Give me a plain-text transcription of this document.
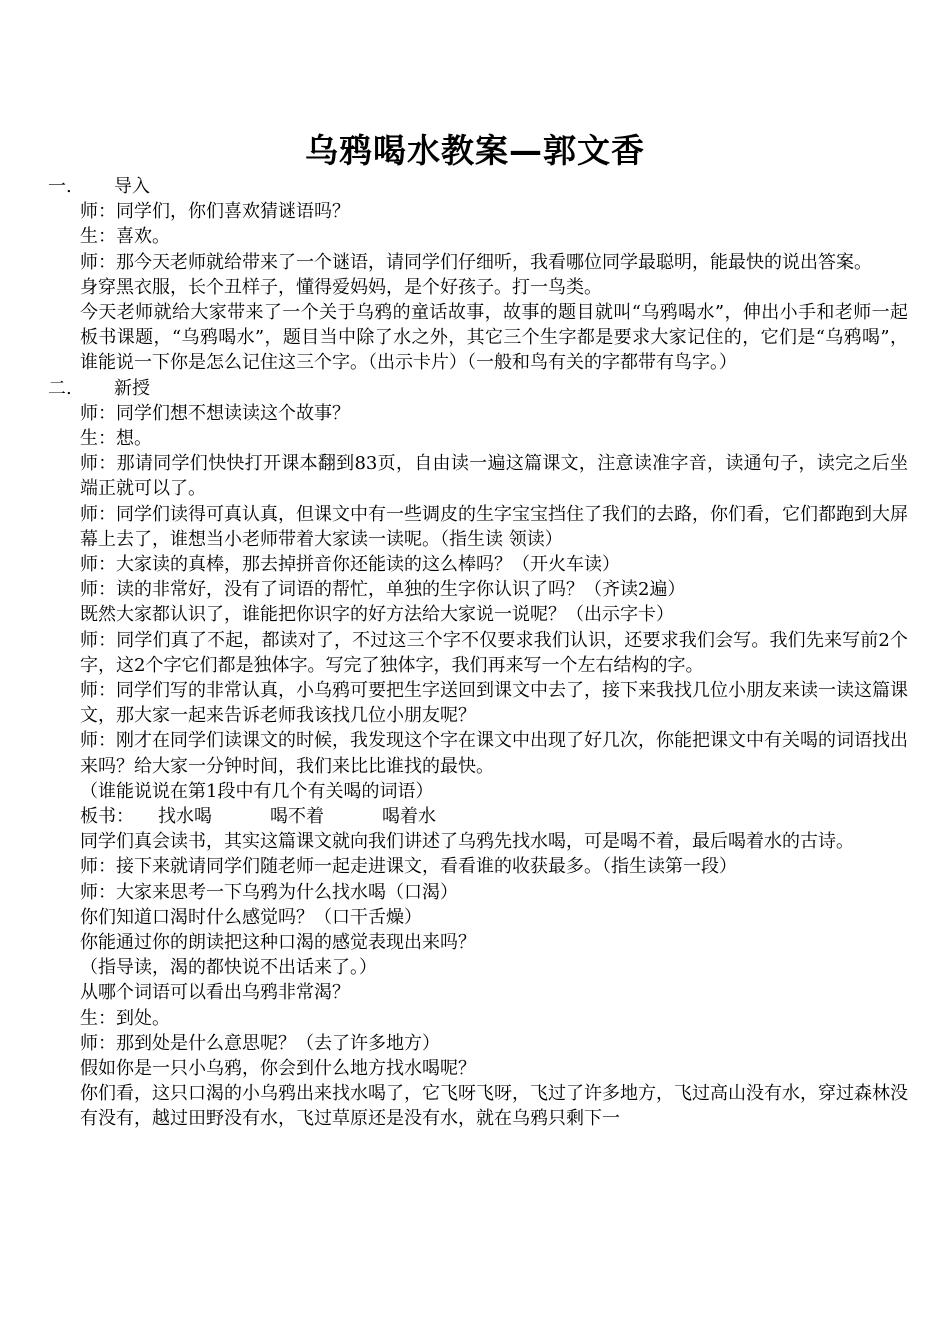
乌鸦喝水教案—郭文香
一. 导入
师：同学们，你们喜欢猜谜语吗？
生：喜欢。
师：那今天老师就给带来了一个谜语，请同学们仔细听，我看哪位同学最聪明，能最快的说出答案。
身穿黑衣服，长个丑样子，懂得爱妈妈，是个好孩子。打一鸟类。
今天老师就给大家带来了一个关于乌鸦的童话故事，故事的题目就叫“乌鸦喝水”，伸出小手和老师一起板书课题，“乌鸦喝水”，题目当中除了水之外，其它三个生字都是要求大家记住的，它们是“乌鸦喝”，谁能说一下你是怎么记住这三个字。（出示卡片）（一般和鸟有关的字都带有鸟字。）
二. 新授
师：同学们想不想读读这个故事？
生：想。
师：那请同学们快快打开课本翻到83页，自由读一遍这篇课文，注意读准字音，读通句子，读完之后坐端正就可以了。
师：同学们读得可真认真，但课文中有一些调皮的生字宝宝挡住了我们的去路，你们看，它们都跑到大屏幕上去了，谁想当小老师带着大家读一读呢。（指生读 领读）
师：大家读的真棒，那去掉拼音你还能读的这么棒吗？（开火车读）
师：读的非常好，没有了词语的帮忙，单独的生字你认识了吗？（齐读2遍）
既然大家都认识了，谁能把你识字的好方法给大家说一说呢？（出示字卡）
师：同学们真了不起，都读对了，不过这三个字不仅要求我们认识，还要求我们会写。我们先来写前2个字，这2个字它们都是独体字。写完了独体字，我们再来写一个左右结构的字。
师：同学们写的非常认真，小乌鸦可要把生字送回到课文中去了，接下来我找几位小朋友来读一读这篇课文，那大家一起来告诉老师我该找几位小朋友呢？
师：刚才在同学们读课文的时候，我发现这个字在课文中出现了好几次，你能把课文中有关喝的词语找出来吗？给大家一分钟时间，我们来比比谁找的最快。
（谁能说说在第1段中有几个有关喝的词语）
板书： 找水喝	喝不着	喝着水
同学们真会读书，其实这篇课文就向我们讲述了乌鸦先找水喝，可是喝不着，最后喝着水的古诗。
师：接下来就请同学们随老师一起走进课文，看看谁的收获最多。（指生读第一段）
师：大家来思考一下乌鸦为什么找水喝（口渴）
你们知道口渴时什么感觉吗？（口干舌燥）
你能通过你的朗读把这种口渴的感觉表现出来吗？
（指导读，渴的都快说不出话来了。）
从哪个词语可以看出乌鸦非常渴？
生：到处。
师：那到处是什么意思呢？（去了许多地方）
假如你是一只小乌鸦，你会到什么地方找水喝呢？
你们看，这只口渴的小乌鸦出来找水喝了，它飞呀飞呀，飞过了许多地方，飞过高山没有水，穿过森林没有没有，越过田野没有水，飞过草原还是没有水，就在乌鸦只剩下一
